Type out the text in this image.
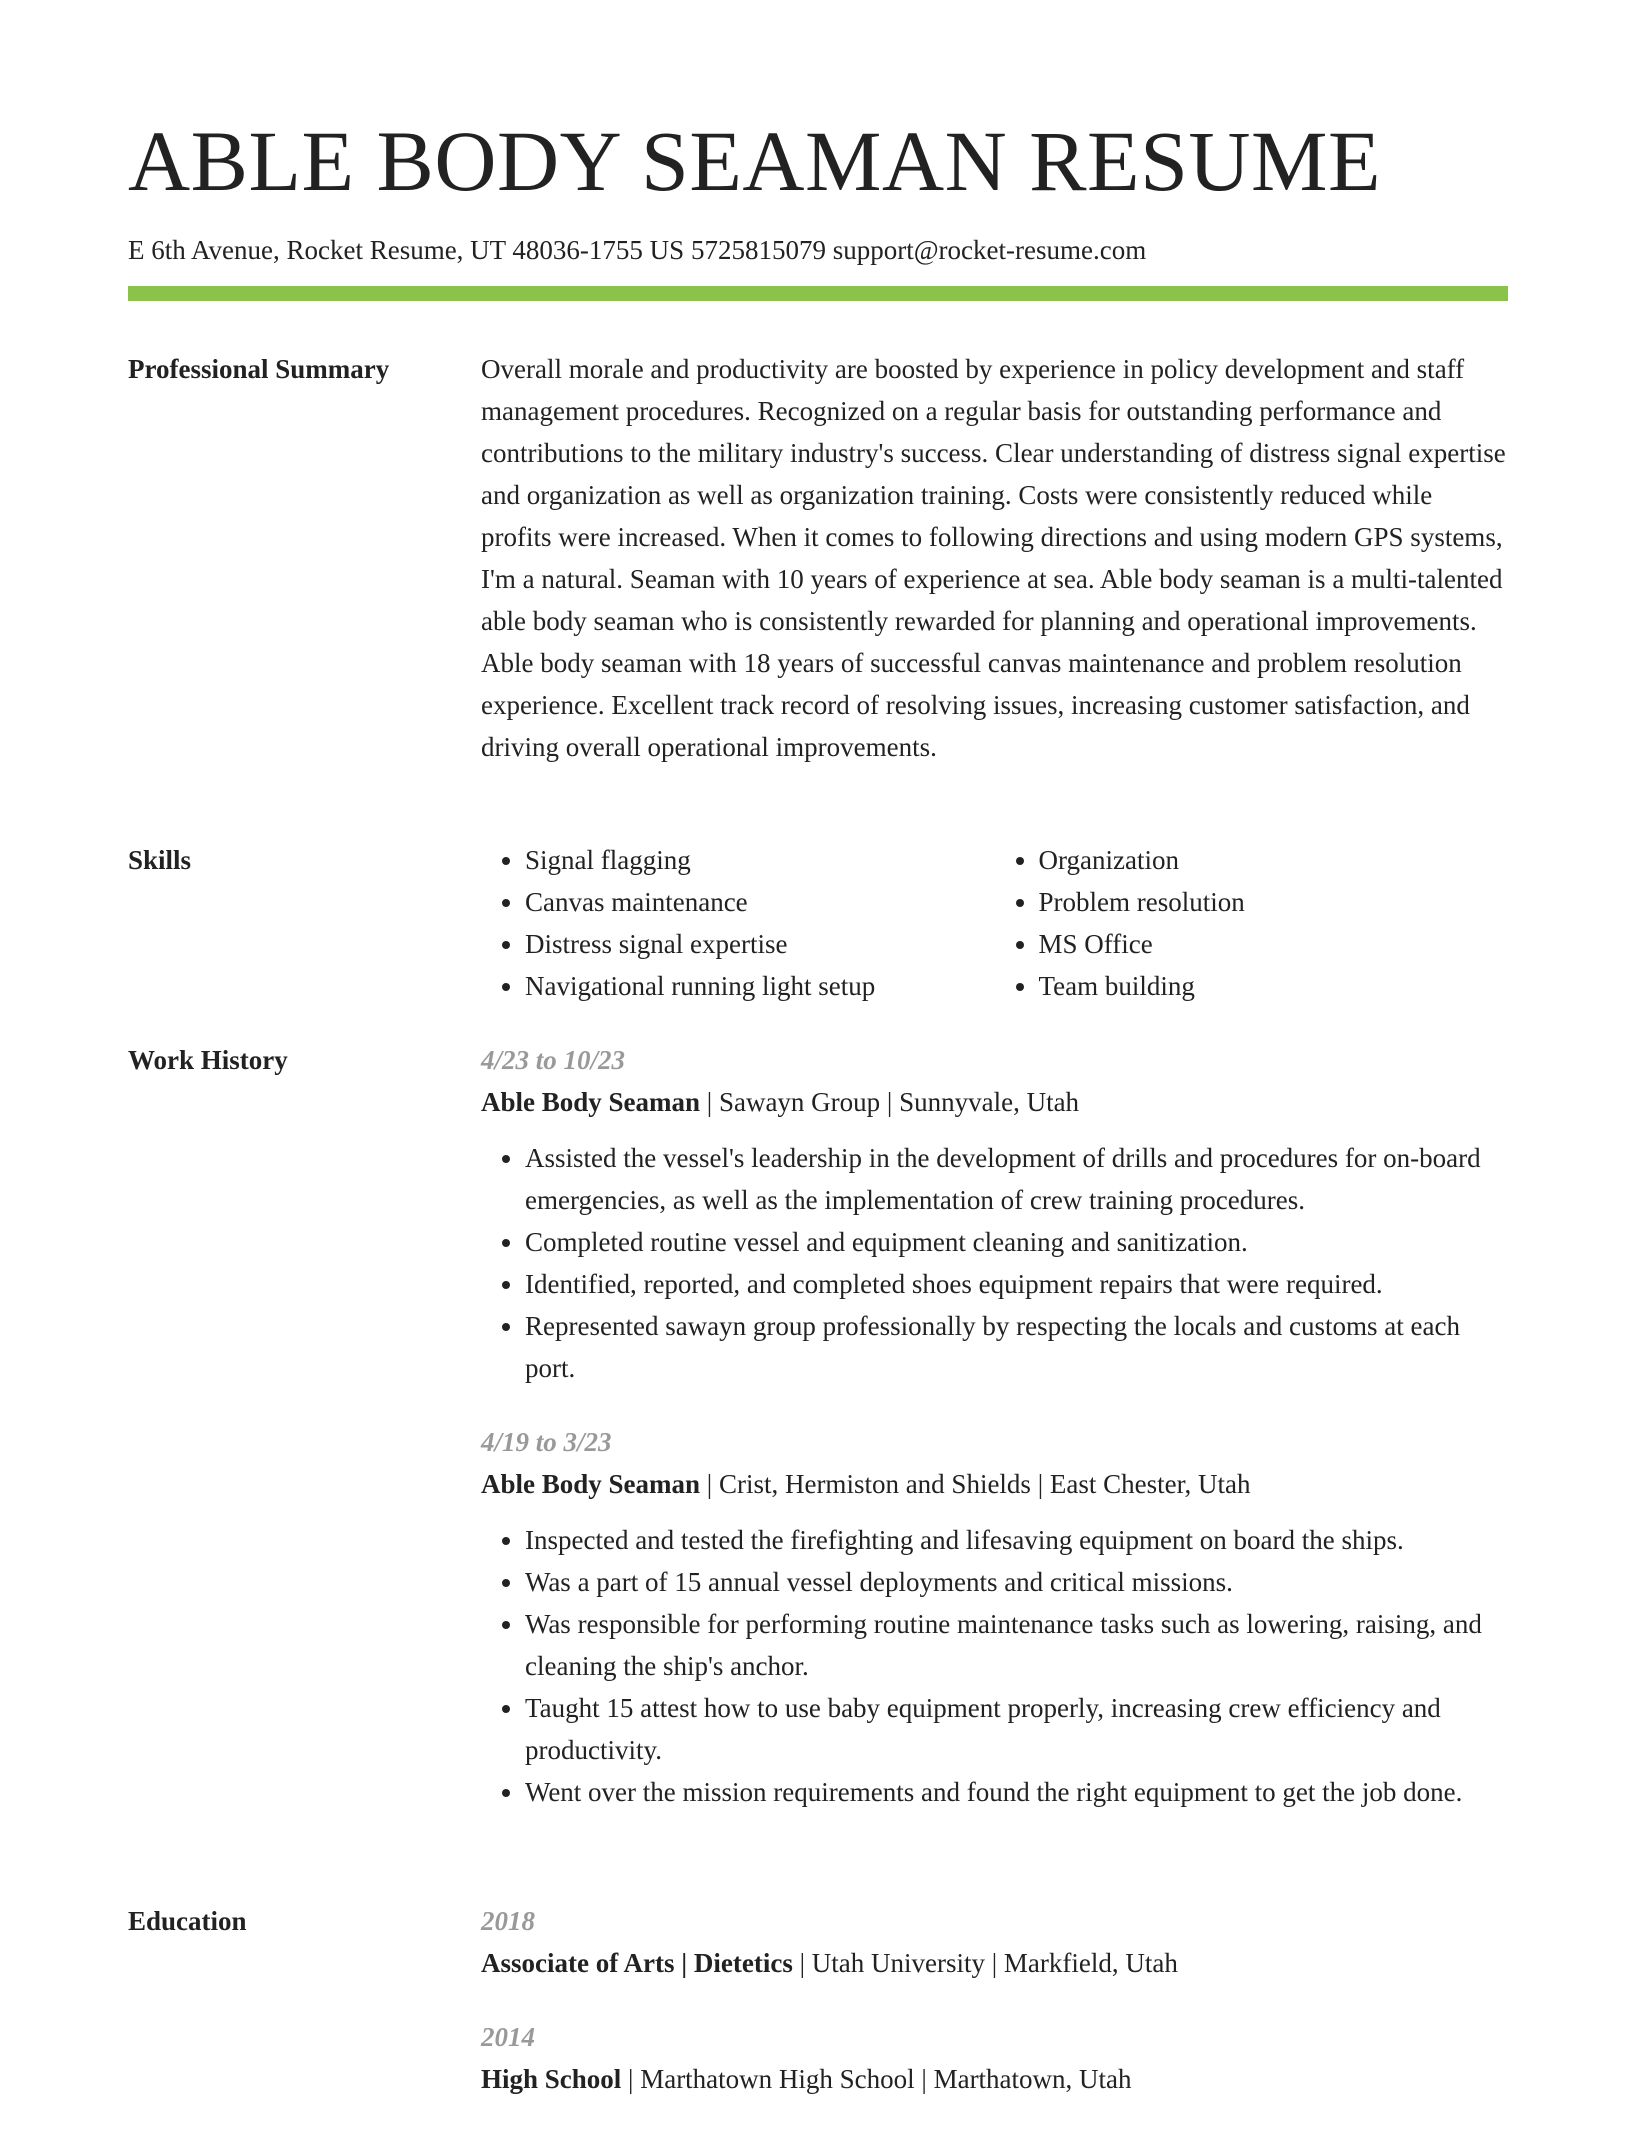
ABLE BODY SEAMAN RESUME
E 6th Avenue, Rocket Resume, UT 48036-1755 US 5725815079 support@rocket-resume.com
Professional Summary	Overall morale and productivity are boosted by experience in policy development and staff management procedures. Recognized on a regular basis for outstanding performance and contributions to the military industry's success. Clear understanding of distress signal expertise and organization as well as organization training. Costs were consistently reduced while profits were increased. When it comes to following directions and using modern GPS systems, I'm a natural. Seaman with 10 years of experience at sea. Able body seaman is a multi-talented able body seaman who is consistently rewarded for planning and operational improvements. Able body seaman with 18 years of successful canvas maintenance and problem resolution experience. Excellent track record of resolving issues, increasing customer satisfaction, and driving overall operational improvements.

Skills
•	Signal flagging
• Canvas maintenance
• Distress signal expertise
• Navigational running light setup
• Organization
• Problem resolution
• MS Office
• Team building
Work History	4/23 to 10/23
Able Body Seaman | Sawayn Group | Sunnyvale, Utah
• Assisted the vessel's leadership in the development of drills and procedures for on-board emergencies, as well as the implementation of crew training procedures.
• Completed routine vessel and equipment cleaning and sanitization.
• Identified, reported, and completed shoes equipment repairs that were required.
• Represented sawayn group professionally by respecting the locals and customs at each port.
4/19 to 3/23
Able Body Seaman | Crist, Hermiston and Shields | East Chester, Utah
• Inspected and tested the firefighting and lifesaving equipment on board the ships.
• Was a part of 15 annual vessel deployments and critical missions.
• Was responsible for performing routine maintenance tasks such as lowering, raising, and cleaning the ship's anchor.
• Taught 15 attest how to use baby equipment properly, increasing crew efficiency and productivity.
• Went over the mission requirements and found the right equipment to get the job done.
Education	2018
Associate of Arts | Dietetics | Utah University | Markfield, Utah
2014
High School | Marthatown High School | Marthatown, Utah
